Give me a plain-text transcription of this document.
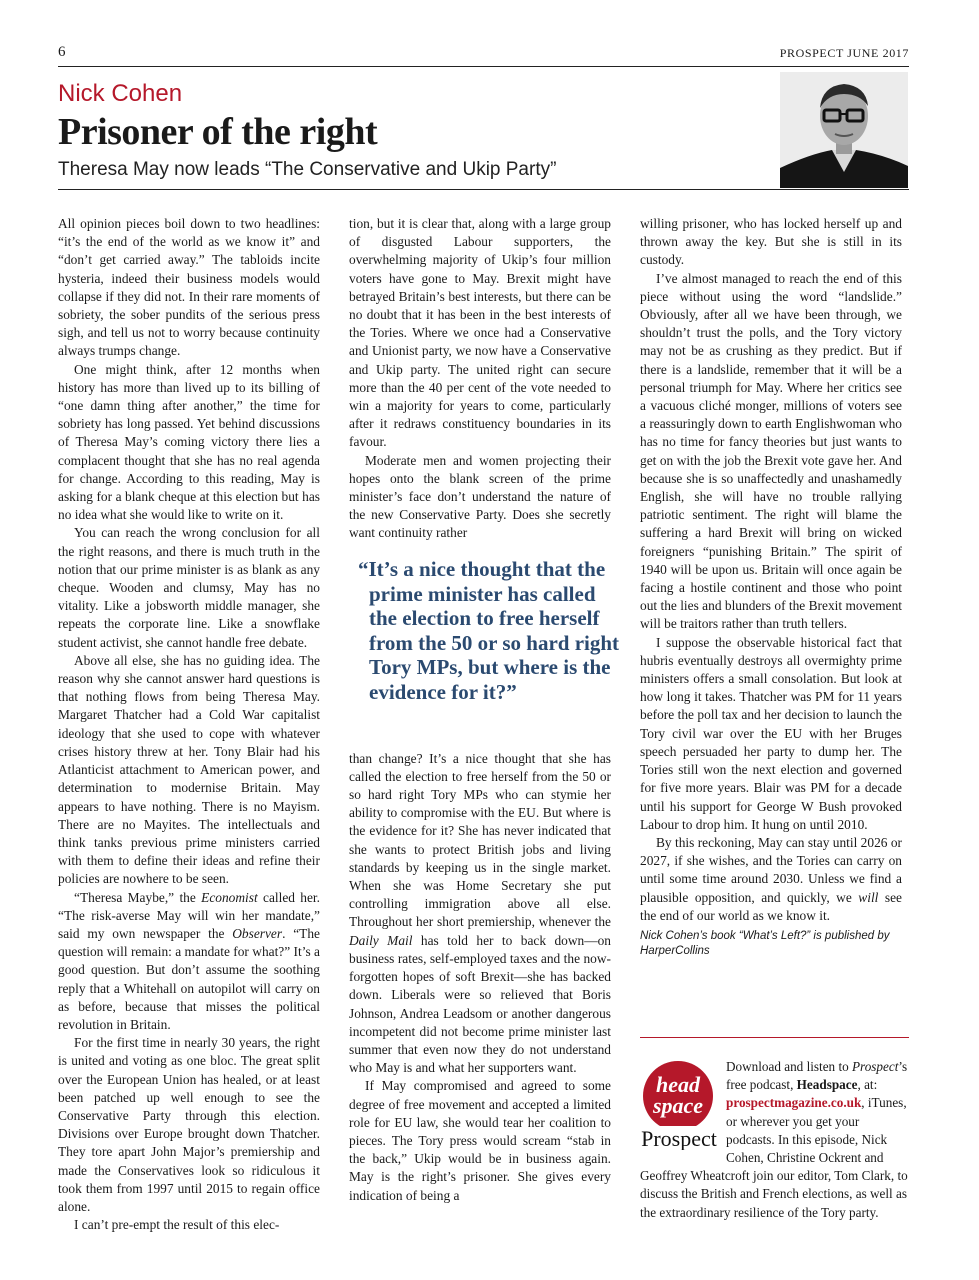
6	PROSPECT JUNE 2017
Nick Cohen
Prisoner of the right
Theresa May now leads “The Conservative and Ukip Party”

All opinion pieces boil down to two headlines: “it’s the end of the world as we know it” and “don’t get carried away.” The tabloids incite hysteria, indeed their business models would collapse if they did not. In their rare moments of sobriety, the sober pundits of the serious press sigh, and tell us not to worry because continuity always trumps change.

One might think, after 12 months when history has more than lived up to its billing of “one damn thing after another,” the time for sobriety has long passed. Yet behind discussions of Theresa May’s coming victory there lies a complacent thought that she has no real agenda for change. According to this reading, May is asking for a blank cheque at this election but has no idea what she would like to write on it.

You can reach the wrong conclusion for all the right reasons, and there is much truth in the notion that our prime minister is as blank as any cheque. Wooden and clumsy, May has no vitality. Like a jobsworth middle manager, she repeats the corporate line. Like a snowflake student activist, she cannot handle free debate.

Above all else, she has no guiding idea. The reason why she cannot answer hard questions is that nothing flows from being Theresa May. Margaret Thatcher had a Cold War capitalist ideology that she used to cope with whatever crises history threw at her. Tony Blair had his Atlanticist attachment to American power, and determination to modernise Britain. May appears to have nothing. There is no Mayism. There are no Mayites. The intellectuals and think tanks previous prime ministers carried with them to define their ideas and refine their policies are nowhere to be seen.

“Theresa Maybe,” the Economist called her. “The risk-averse May will win her mandate,” said my own newspaper the Observer. “The question will remain: a mandate for what?” It’s a good question. But don’t assume the soothing reply that a Whitehall on autopilot will carry on as before, because that misses the political revolution in Britain.

For the first time in nearly 30 years, the right is united and voting as one bloc. The great split over the European Union has healed, or at least been patched up well enough to see the Conservative Party through this election. Divisions over Europe brought down Thatcher. They tore apart John Major’s premiership and made the Conservatives look so ridiculous it took them from 1997 until 2015 to regain office alone.

I can’t pre-empt the result of this elec-

tion, but it is clear that, along with a large group of disgusted Labour supporters, the overwhelming majority of Ukip’s four million voters have gone to May. Brexit might have betrayed Britain’s best interests, but there can be no doubt that it has been in the best interests of the Tories. Where we once had a Conservative and Unionist party, we now have a Conservative and Ukip party. The united right can secure more than the 40 per cent of the vote needed to win a majority for years to come, particularly after it redraws constituency boundaries in its favour.

Moderate men and women projecting their hopes onto the blank screen of the prime minister’s face don’t understand the nature of the new Conservative Party. Does she secretly want continuity rather

than change? It’s a nice thought that she has called the election to free herself from the 50 or so hard right Tory MPs who can stymie her ability to compromise with the EU. But where is the evidence for it? She has never indicated that she wants to protect British jobs and living standards by keeping us in the single market. When she was Home Secretary she put controlling immigration above all else. Throughout her short premiership, whenever the Daily Mail has told her to back down—on business rates, self-employed taxes and the now-forgotten hopes of soft Brexit—she has backed down. Liberals were so relieved that Boris Johnson, Andrea Leadsom or another dangerous incompetent did not become prime minister last summer that even now they do not understand who May is and what her supporters want.

If May compromised and agreed to some degree of free movement and accepted a limited role for EU law, she would tear her coalition to pieces. The Tory press would scream “stab in the back,” Ukip would be in business again. May is the right’s prisoner. She gives every indication of being a

“It’s a nice thought that the prime minister has called the election to free herself from the 50 or so hard right Tory MPs, but where is the evidence for it?”

willing prisoner, who has locked herself up and thrown away the key. But she is still in its custody.

I’ve almost managed to reach the end of this piece without using the word “landslide.” Obviously, after all we have been through, we shouldn’t trust the polls, and the Tory victory may not be as crushing as they predict. But if there is a landslide, remember that it will be a personal triumph for May. Where her critics see a vacuous cliché monger, millions of voters see a reassuringly down to earth Englishwoman who has no time for fancy theories but just wants to get on with the job the Brexit vote gave her. And because she is so unaffectedly and unashamedly English, she will have no trouble rallying patriotic sentiment. The right will blame the suffering a hard Brexit will bring on wicked foreigners “punishing Britain.” The spirit of 1940 will be upon us. Britain will once again be facing a hostile continent and those who point out the lies and blunders of the Brexit movement will be traitors rather than truth tellers.

I suppose the observable historical fact that hubris eventually destroys all overmighty prime ministers offers a small consolation. But look at how long it takes. Thatcher was PM for 11 years before the poll tax and her decision to launch the Tory civil war over the EU with her Bruges speech persuaded her party to dump her. The Tories still won the next election and governed for five more years. Blair was PM for a decade until his support for George W Bush provoked Labour to drop him. It hung on until 2010.

By this reckoning, May can stay until 2026 or 2027, if she wishes, and the Tories can carry on until some time around 2030. Unless we find a plausible opposition, and quickly, we will see the end of our world as we know it.

Nick Cohen’s book “What’s Left?” is published by HarperCollins

head
space
Prospect
Download and listen to Prospect’s free podcast, Headspace, at: prospectmagazine.co.uk, iTunes, or wherever you get your podcasts. In this episode, Nick Cohen, Christine Ockrent and Geoffrey Wheatcroft join our editor, Tom Clark, to discuss the British and French elections, as well as the extraordinary resilience of the Tory party.
